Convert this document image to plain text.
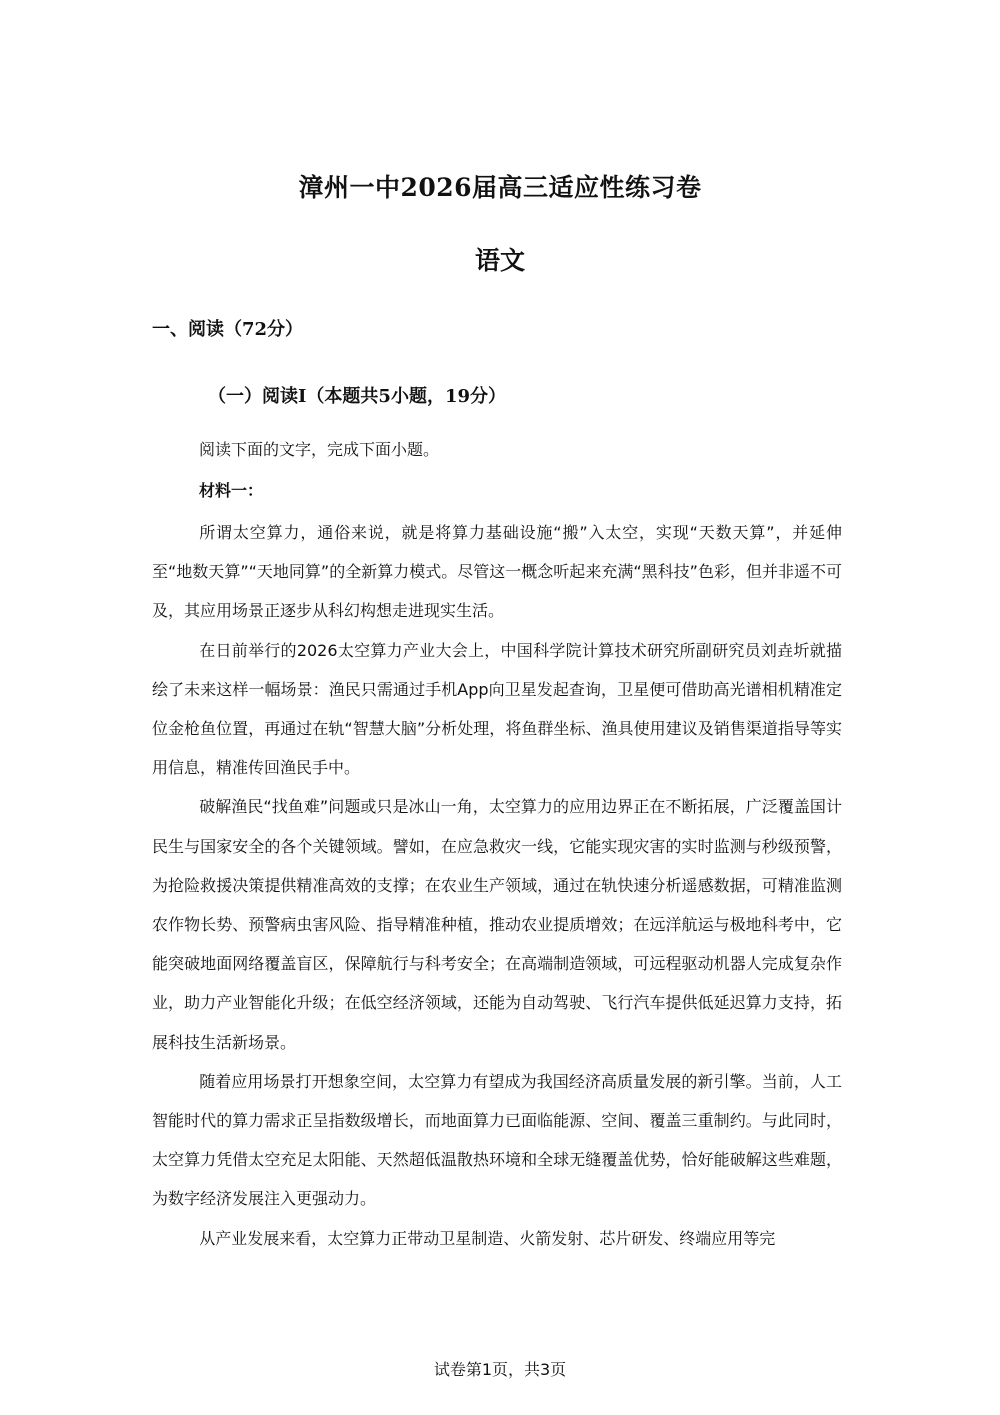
漳州一中2026届高三适应性练习卷
语文
一、阅读（72分）
（一）阅读I（本题共5小题，19分）
阅读下面的文字，完成下面小题。
材料一：

所谓太空算力，通俗来说，就是将算力基础设施“搬”入太空，实现“天数天算”，并延伸至“地数天算”“天地同算”的全新算力模式。尽管这一概念听起来充满“黑科技”色彩，但并非遥不可及，其应用场景正逐步从科幻构想走进现实生活。

在日前举行的2026太空算力产业大会上，中国科学院计算技术研究所副研究员刘垚圻就描绘了未来这样一幅场景：渔民只需通过手机App向卫星发起查询，卫星便可借助高光谱相机精准定位金枪鱼位置，再通过在轨“智慧大脑”分析处理，将鱼群坐标、渔具使用建议及销售渠道指导等实用信息，精准传回渔民手中。

破解渔民“找鱼难”问题或只是冰山一角，太空算力的应用边界正在不断拓展，广泛覆盖国计民生与国家安全的各个关键领域。譬如，在应急救灾一线，它能实现灾害的实时监测与秒级预警，为抢险救援决策提供精准高效的支撑；在农业生产领域，通过在轨快速分析遥感数据，可精准监测农作物长势、预警病虫害风险、指导精准种植，推动农业提质增效；在远洋航运与极地科考中，它能突破地面网络覆盖盲区，保障航行与科考安全；在高端制造领域，可远程驱动机器人完成复杂作业，助力产业智能化升级；在低空经济领域，还能为自动驾驶、飞行汽车提供低延迟算力支持，拓展科技生活新场景。

随着应用场景打开想象空间，太空算力有望成为我国经济高质量发展的新引擎。当前，人工智能时代的算力需求正呈指数级增长，而地面算力已面临能源、空间、覆盖三重制约。与此同时，太空算力凭借太空充足太阳能、天然超低温散热环境和全球无缝覆盖优势，恰好能破解这些难题，为数字经济发展注入更强动力。

从产业发展来看，太空算力正带动卫星制造、火箭发射、芯片研发、终端应用等完

试卷第1页，共3页
